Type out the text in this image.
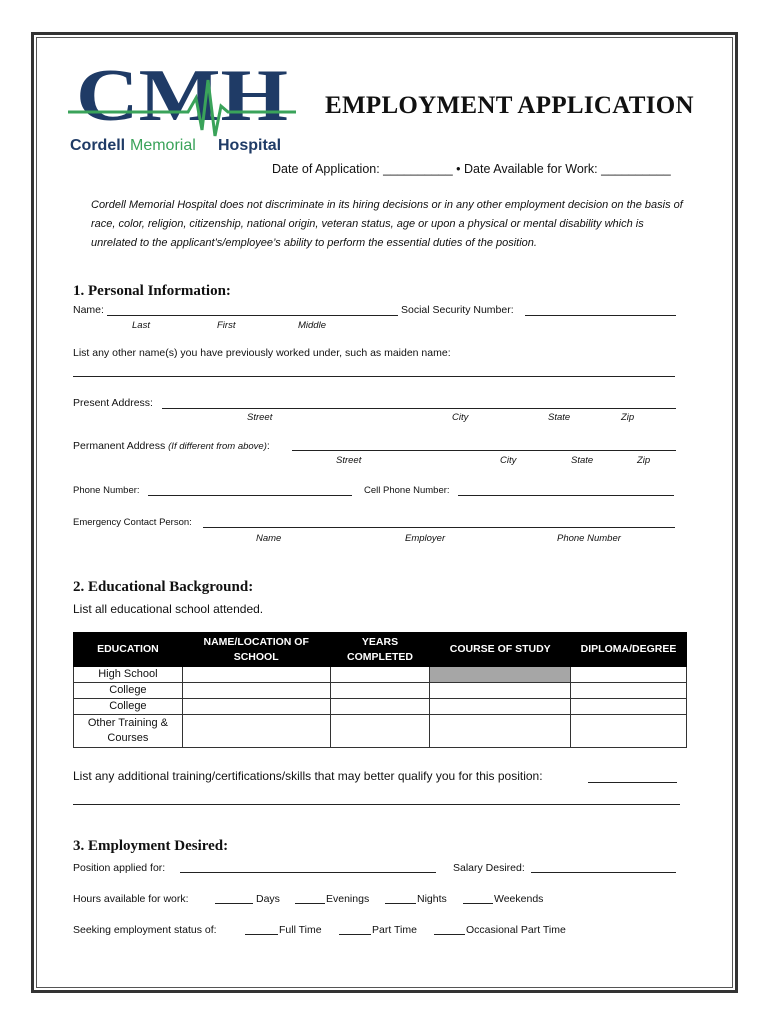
CMH
Cordell Memorial Hospital
EMPLOYMENT APPLICATION
Date of Application: __________ • Date Available for Work: __________
Cordell Memorial Hospital does not discriminate in its hiring decisions or in any other employment decision on the basis of race, color, religion, citizenship, national origin, veteran status, age or upon a physical or mental disability which is unrelated to the applicant’s/employee’s ability to perform the essential duties of the position.
1. Personal Information:
Name:	Social Security Number:
Last	First	Middle
List any other name(s) you have previously worked under, such as maiden name:
Present Address:
Street	City	State	Zip
Permanent Address (If different from above):
Street	City	State	Zip
Phone Number:	Cell Phone Number:
Emergency Contact Person:
Name	Employer	Phone Number
2. Educational Background:
List all educational school attended.
EDUCATION	NAME/LOCATION OF SCHOOL	YEARS COMPLETED	COURSE OF STUDY	DIPLOMA/DEGREE
High School				
College				
College				
Other Training & Courses				
List any additional training/certifications/skills that may better qualify you for this position:
3. Employment Desired:
Position applied for:	Salary Desired:
Hours available for work:	Days	Evenings	Nights	Weekends
Seeking employment status of:	Full Time	Part Time	Occasional Part Time
